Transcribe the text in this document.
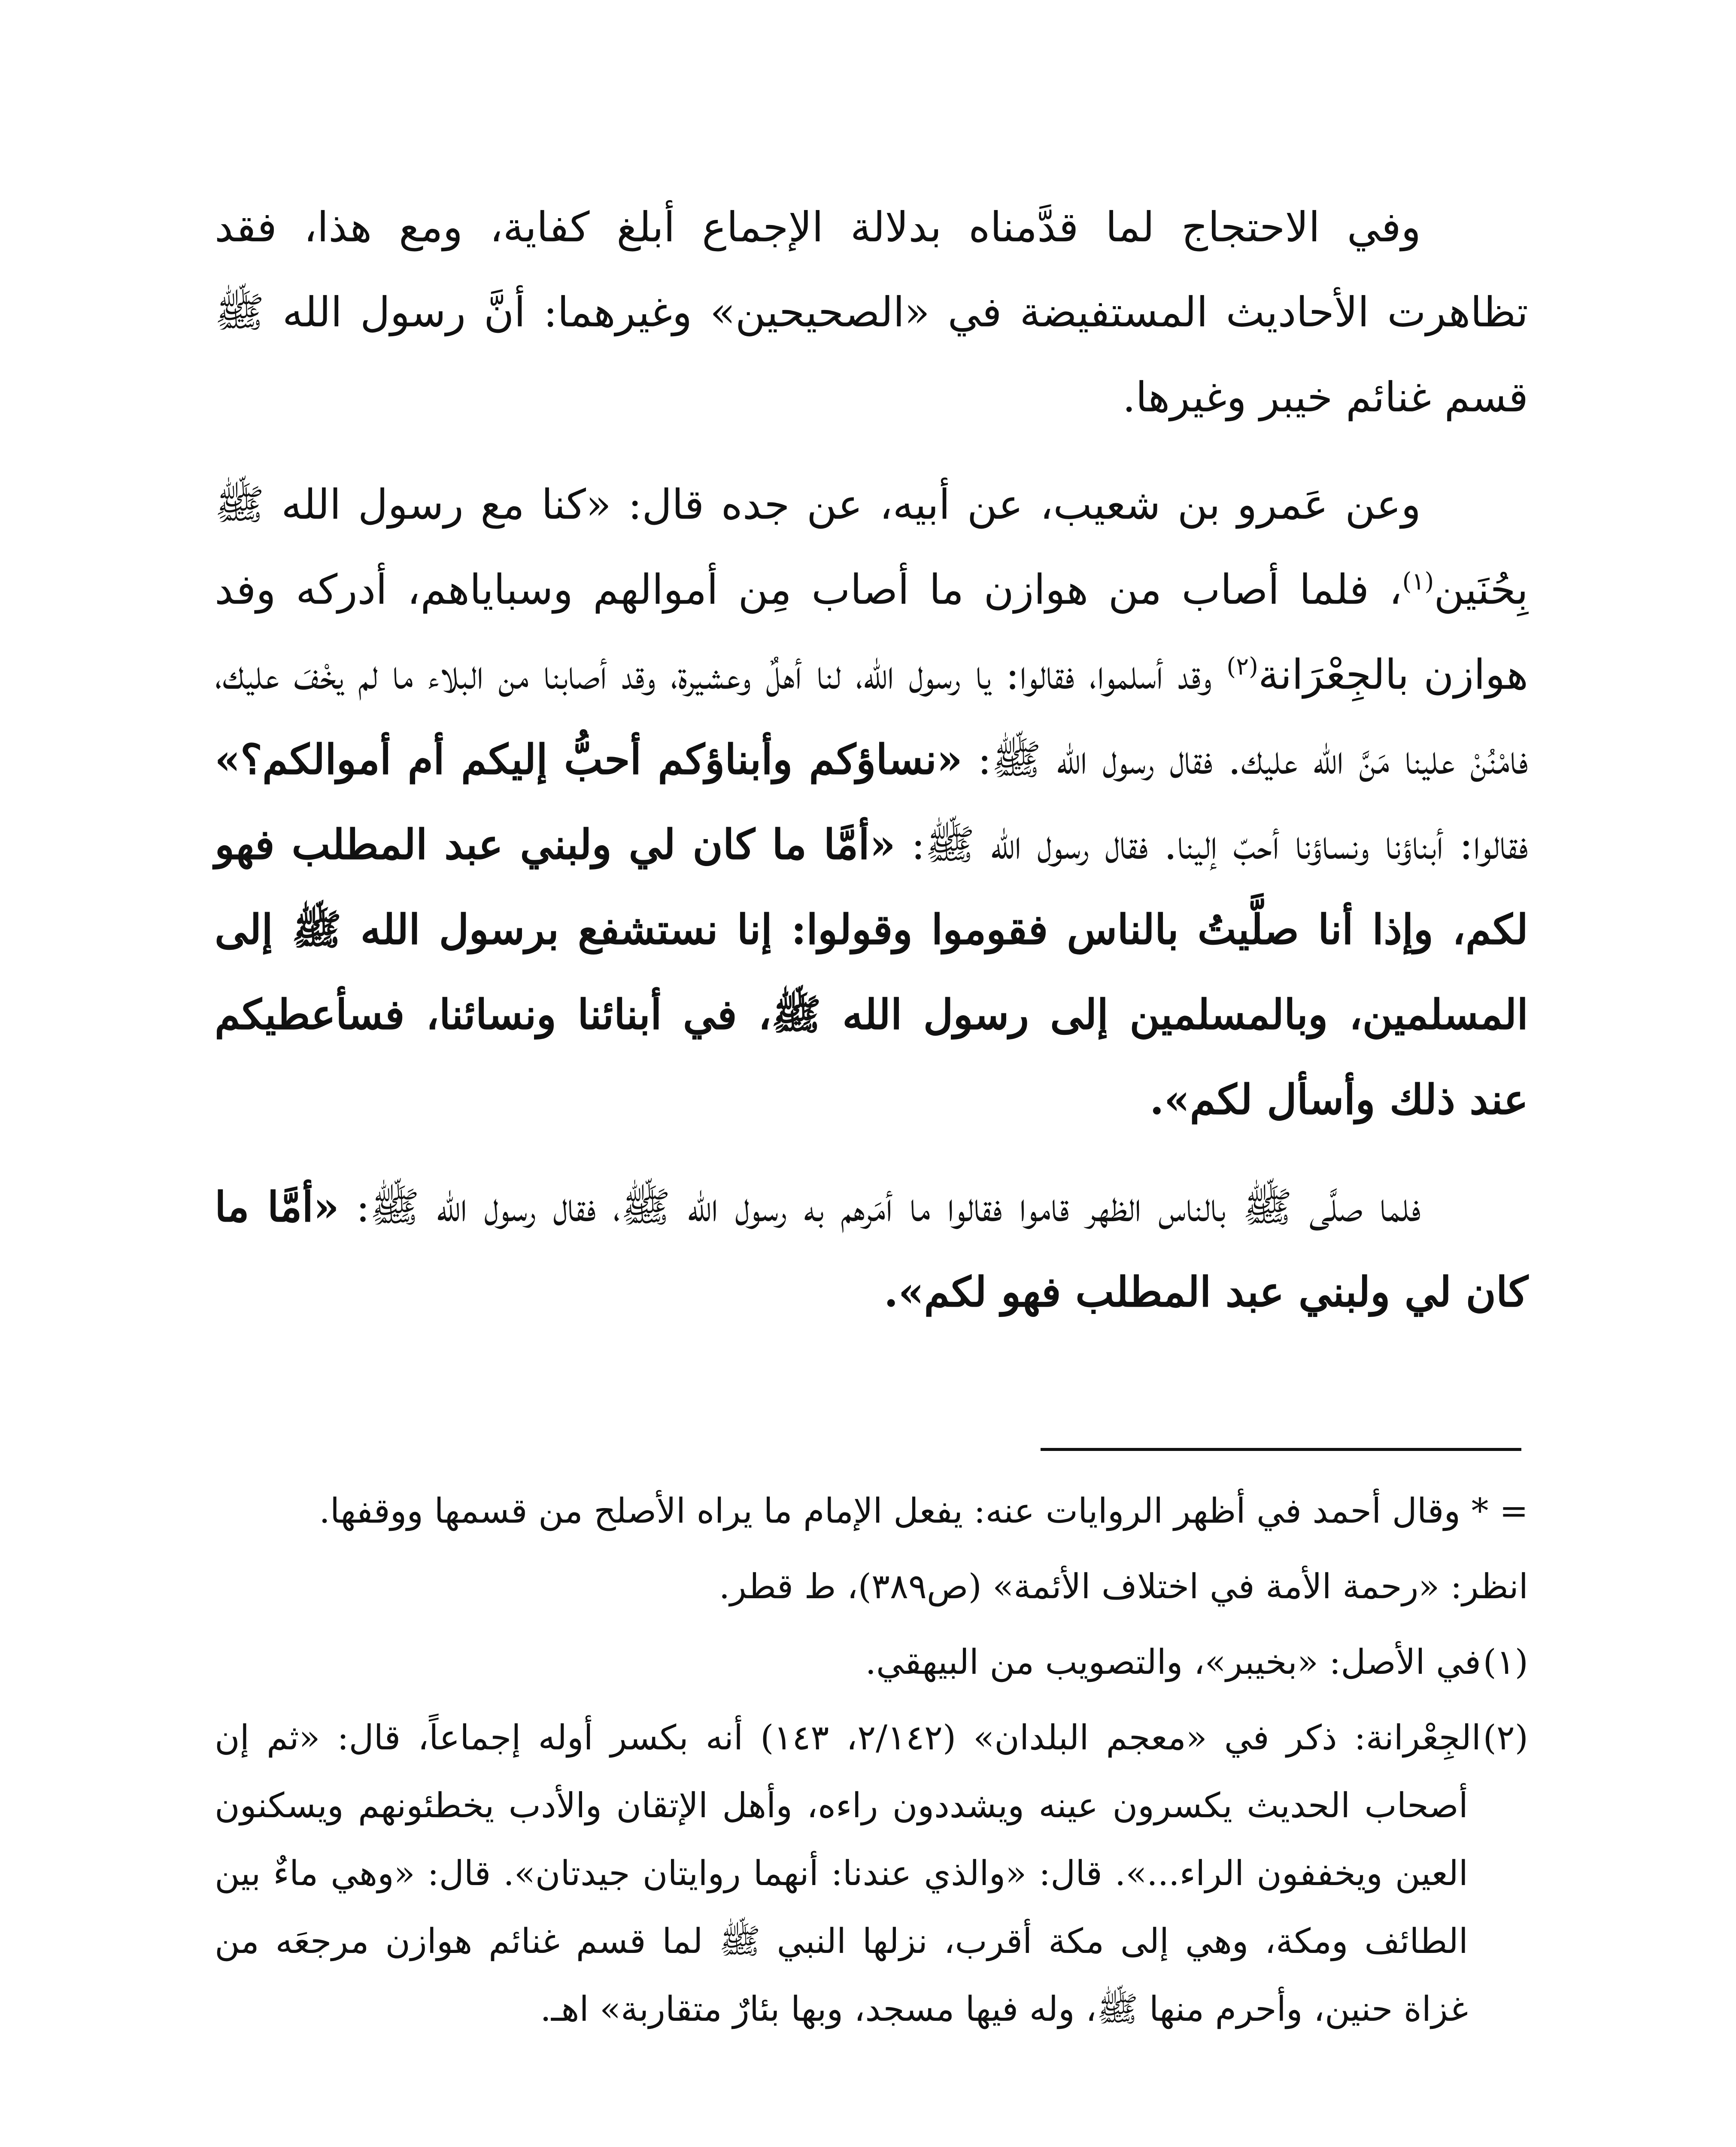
وفي الاحتجاج لما قدَّمناه بدلالة الإجماع أبلغ كفاية، ومع هذا، فقد تظاهرت الأحاديث المستفيضة في «الصحيحين» وغيرهما: أنَّ رسول الله ﷺ قسم غنائم خيبر وغيرها.

وعن عَمرو بن شعيب، عن أبيه، عن جده قال: «كنا مع رسول الله ﷺ بِحُنَين$^{(١)}$، فلما أصاب من هوازن ما أصاب مِن أموالهم وسباياهم، أدركه وفد هوازن بالجِعْرَانة$^{(٢)}$ وقد أسلموا، فقالوا: يا رسول الله، لنا أهلٌ وعشيرة، وقد أصابنا من البلاء ما لم يخْفَ عليك، فامْنُنْ علينا مَنَّ الله عليك. فقال رسول الله ﷺ: «نساؤكم وأبناؤكم أحبُّ إليكم أم أموالكم؟» فقالوا: أبناؤنا ونساؤنا أحبّ إلينا. فقال رسول الله ﷺ: «أمَّا ما كان لي ولبني عبد المطلب فهو لكم، وإذا أنا صلَّيتُ بالناس فقوموا وقولوا: إنا نستشفع برسول الله ﷺ إلى المسلمين، وبالمسلمين إلى رسول الله ﷺ، في أبنائنا ونسائنا، فسأعطيكم عند ذلك وأسأل لكم».

فلما صلَّى ﷺ بالناس الظهر قاموا فقالوا ما أمَرهم به رسول الله ﷺ، فقال رسول الله ﷺ: «أمَّا ما كان لي ولبني عبد المطلب فهو لكم».

= * وقال أحمد في أظهر الروايات عنه: يفعل الإمام ما يراه الأصلح من قسمها ووقفها.
انظر: «رحمة الأمة في اختلاف الأئمة» (ص٣٨٩)، ط قطر.
(١)في الأصل: «بخيبر»، والتصويب من البيهقي.
(٢)الجِعْرانة: ذكر في «معجم البلدان» (٢/١٤٢، ١٤٣) أنه بكسر أوله إجماعاً، قال: «ثم إن أصحاب الحديث يكسرون عينه ويشددون راءه، وأهل الإتقان والأدب يخطئونهم ويسكنون العين ويخففون الراء...». قال: «والذي عندنا: أنهما روايتان جيدتان». قال: «وهي ماءٌ بين الطائف ومكة، وهي إلى مكة أقرب، نزلها النبي ﷺ لما قسم غنائم هوازن مرجعَه من غزاة حنين، وأحرم منها ﷺ، وله فيها مسجد، وبها بئارٌ متقاربة» اهـ.
